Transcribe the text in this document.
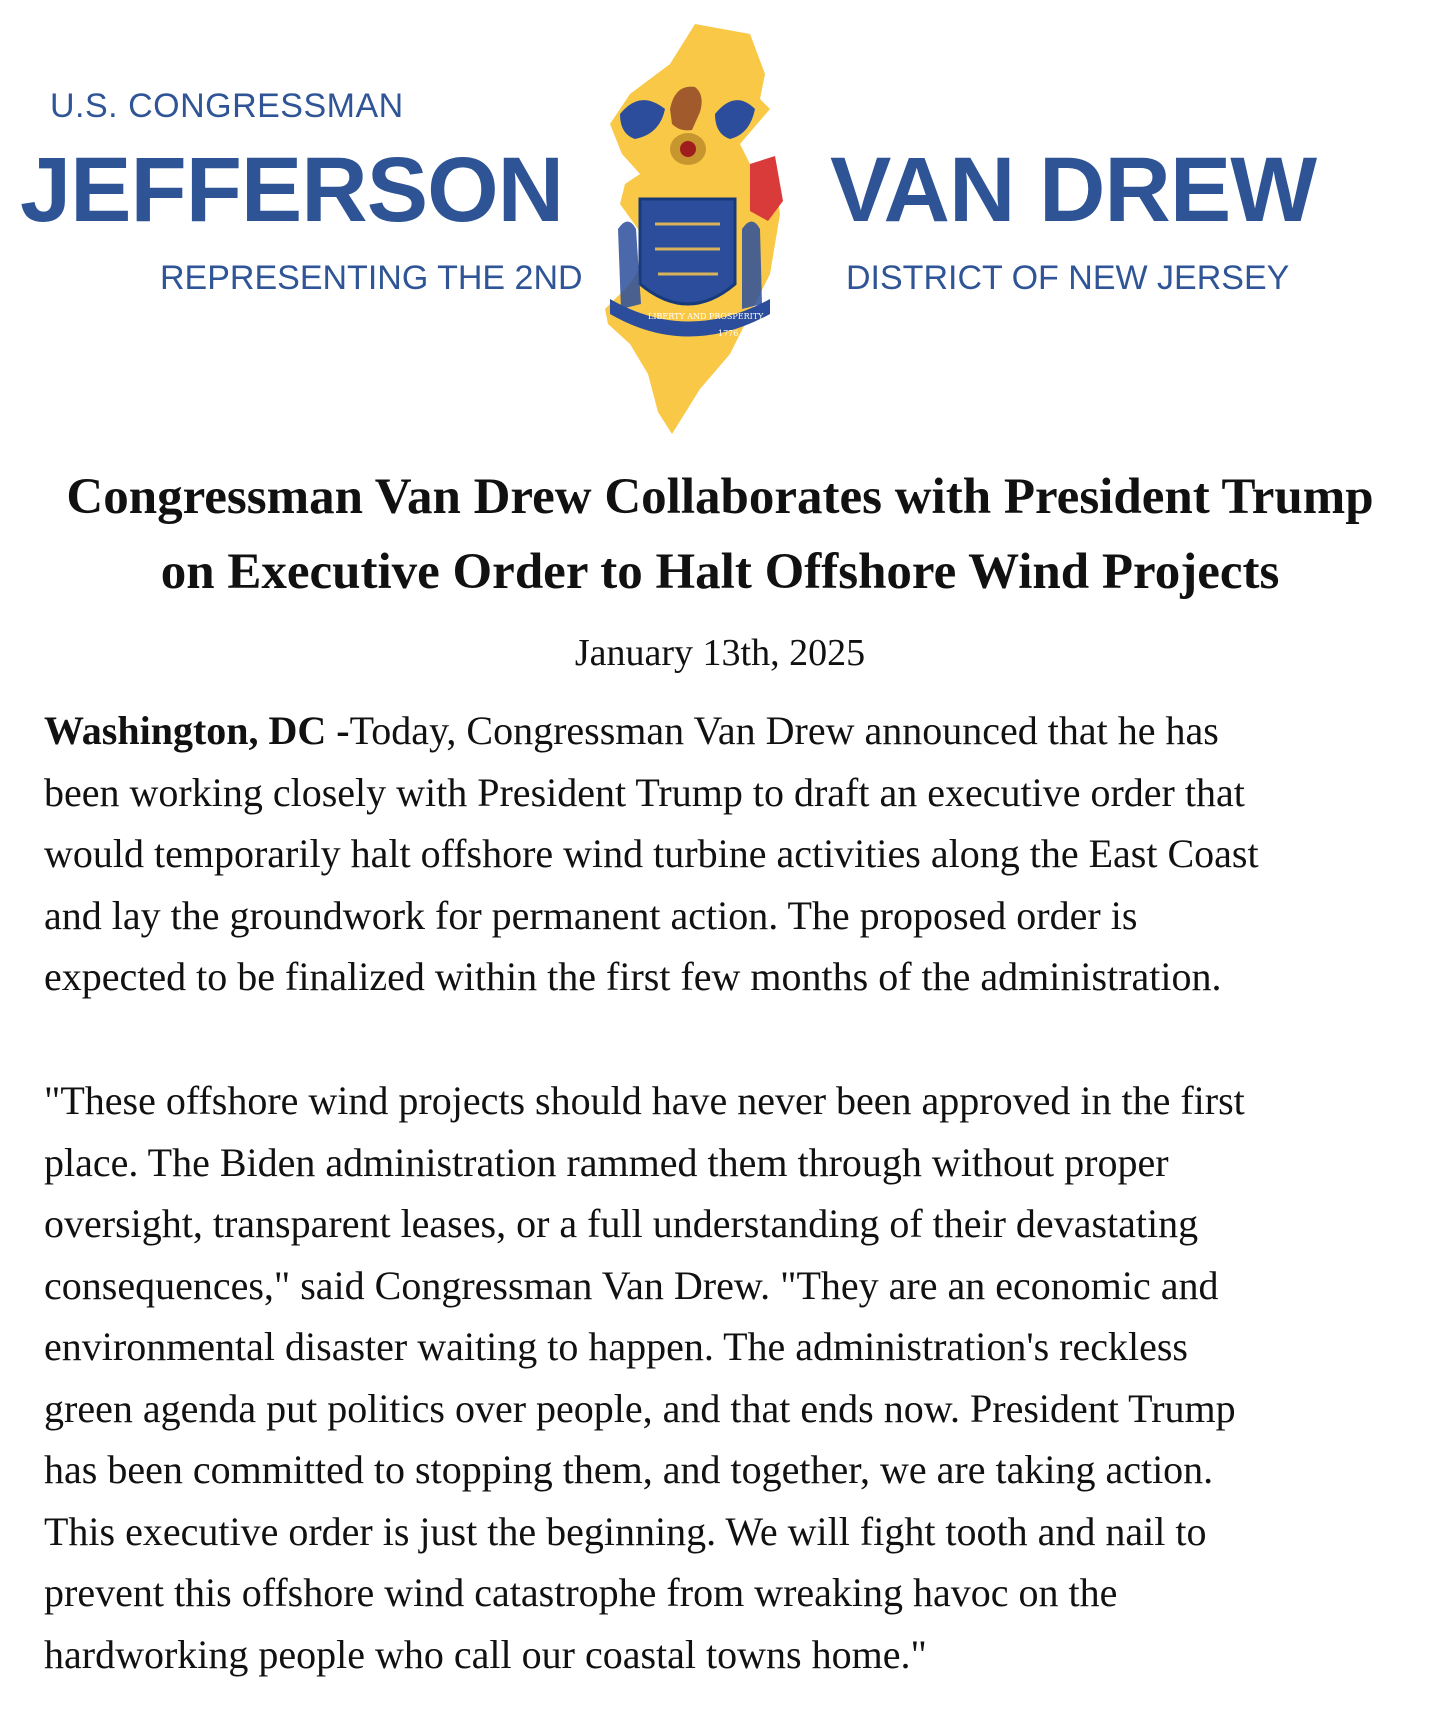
U.S. CONGRESSMAN

JEFFERSON	VAN DREW

REPRESENTING THE 2ND	DISTRICT OF NEW JERSEY

LIBERTY AND PROSPERITY
1776
Congressman Van Drew Collaborates with President Trump
on Executive Order to Halt Offshore Wind Projects

January 13th, 2025

Washington, DC -Today, Congressman Van Drew announced that he has
been working closely with President Trump to draft an executive order that
would temporarily halt offshore wind turbine activities along the East Coast
and lay the groundwork for permanent action. The proposed order is
expected to be finalized within the first few months of the administration.

"These offshore wind projects should have never been approved in the first
place. The Biden administration rammed them through without proper
oversight, transparent leases, or a full understanding of their devastating
consequences," said Congressman Van Drew. "They are an economic and
environmental disaster waiting to happen. The administration's reckless
green agenda put politics over people, and that ends now. President Trump
has been committed to stopping them, and together, we are taking action.
This executive order is just the beginning. We will fight tooth and nail to
prevent this offshore wind catastrophe from wreaking havoc on the
hardworking people who call our coastal towns home."
